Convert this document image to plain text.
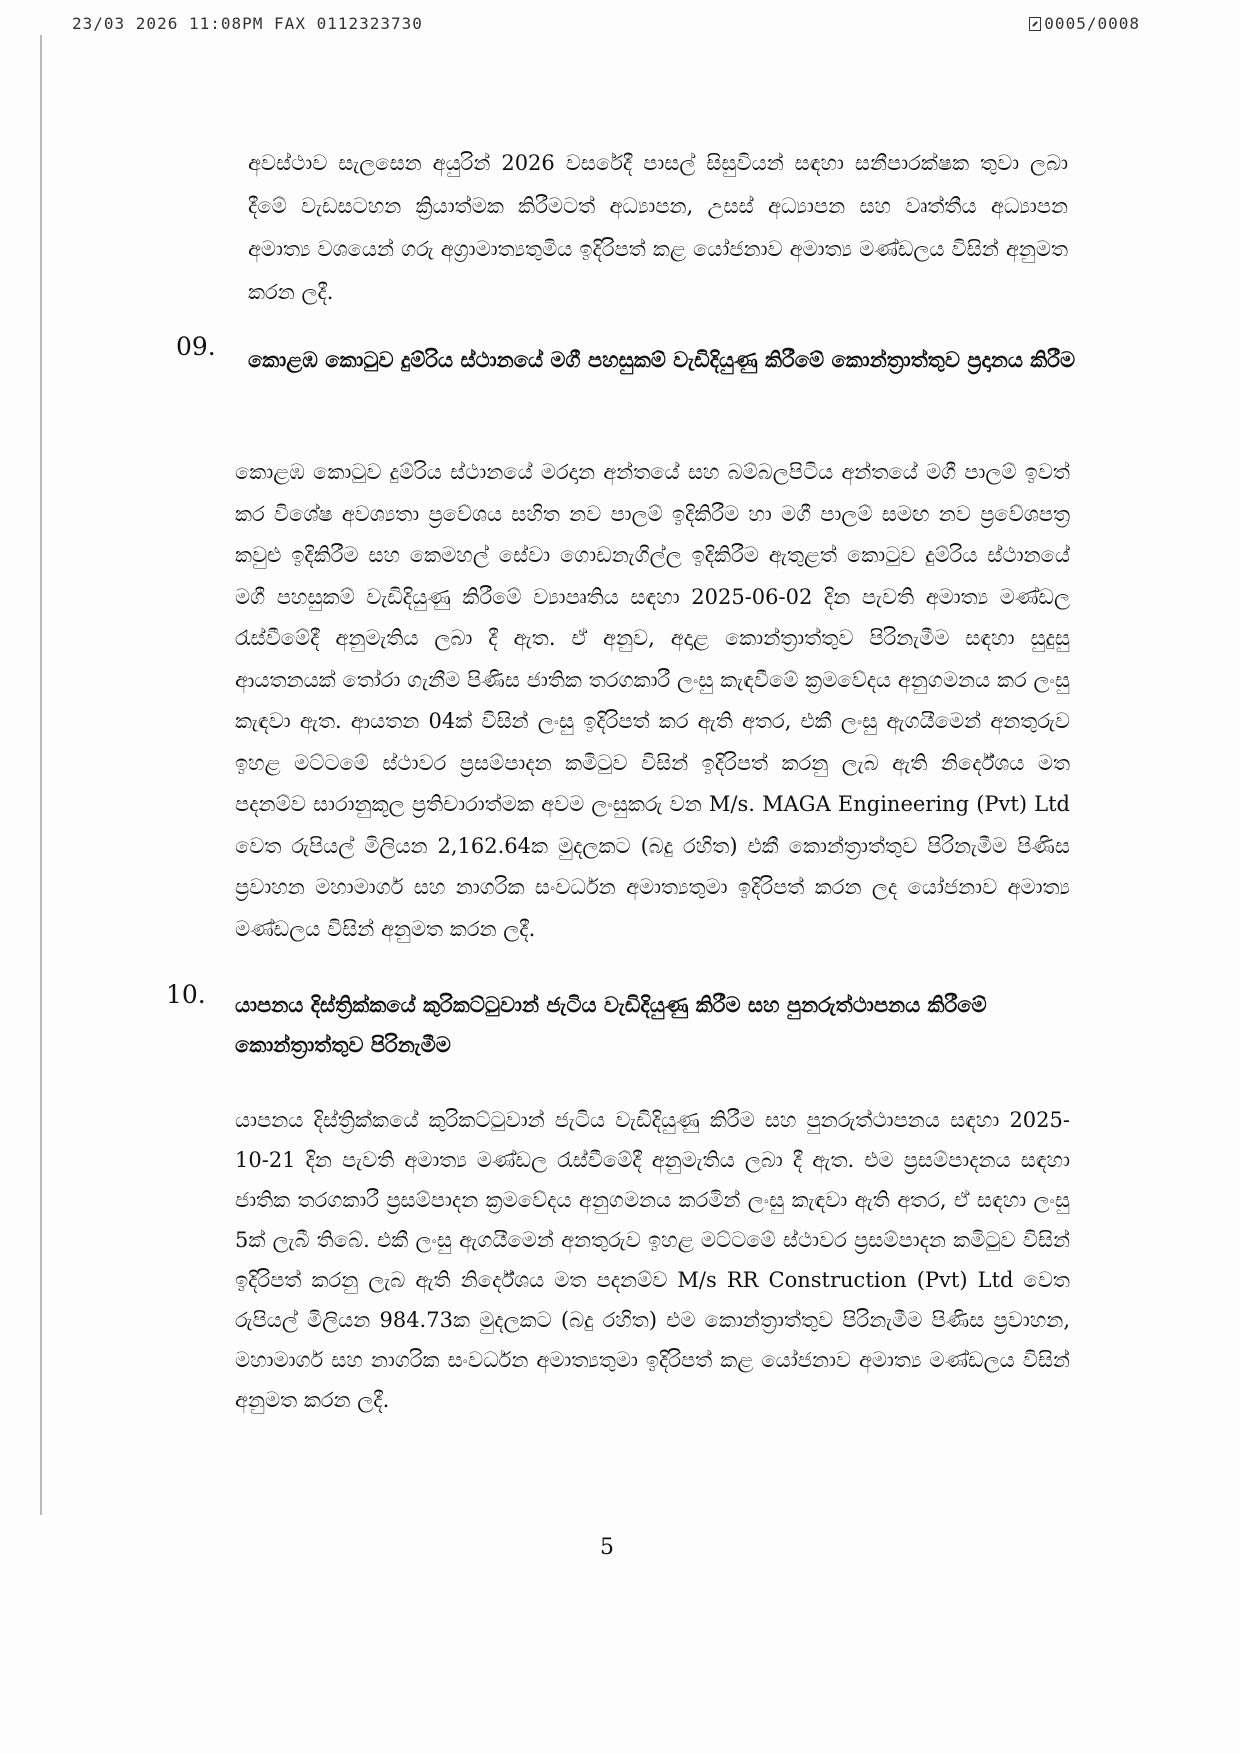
23/03 2026 11:08PM FAX 0112323730	0005/0008
අවස්ථාව සැලසෙන අයුරින් 2026 වසරේදී පාසල් සිසුවියන් සඳහා සනීපාරක්ෂක තුවා ලබා දීමේ වැඩසටහන ක්‍රියාත්මක කිරීමටත් අධ්‍යාපන, උසස් අධ්‍යාපන සහ වෘත්තීය අධ්‍යාපන අමාත්‍ය වශයෙන් ගරු අග්‍රාමාත්‍යතුමිය ඉදිරිපත් කළ යෝජනාව අමාත්‍ය මණ්ඩලය විසින් අනුමත කරන ලදී.
09. කොළඹ කොටුව දුම්රිය ස්ථානයේ මගී පහසුකම් වැඩිදියුණු කිරීමේ කොන්ත්‍රාත්තුව ප්‍රදානය කිරීම
කොළඹ කොටුව දුම්රිය ස්ථානයේ මරදාන අන්තයේ සහ බම්බලපිටිය අන්තයේ මගී පාලම් ඉවත් කර විශේෂ අවශ්‍යතා ප්‍රවේශය සහිත නව පාලම් ඉදිකිරීම හා මගී පාලම් සමඟ නව ප්‍රවේශපත්‍ර කවුළු ඉදිකිරීම සහ කෙමහල් සේවා ගොඩනැගිල්ල ඉදිකිරීම ඇතුළත් කොටුව දුම්රිය ස්ථානයේ මගී පහසුකම් වැඩිදියුණු කිරීමේ ව්‍යාපෘතිය සඳහා 2025-06-02 දින පැවති අමාත්‍ය මණ්ඩල රැස්වීමේදී අනුමැතිය ලබා දී ඇත. ඒ අනුව, අදාළ කොන්ත්‍රාත්තුව පිරිනැමීම සඳහා සුදුසු ආයතනයක් තෝරා ගැනීම පිණිස ජාතික තරගකාරී ලංසු කැඳවීමේ ක්‍රමවේදය අනුගමනය කර ලංසු කැඳවා ඇත. ආයතන 04ක් විසින් ලංසු ඉදිරිපත් කර ඇති අතර, එකී ලංසු ඇගයීමෙන් අනතුරුව ඉහළ මට්ටමේ ස්ථාවර ප්‍රසම්පාදන කමිටුව විසින් ඉදිරිපත් කරනු ලැබ ඇති නිර්දේශය මත පදනම්ව සාරානුකූල ප්‍රතිචාරාත්මක අවම ලංසුකරු වන M/s. MAGA Engineering (Pvt) Ltd වෙත රුපියල් මිලියන 2,162.64ක මුදලකට (බදු රහිත) එකී කොන්ත්‍රාත්තුව පිරිනැමීම පිණිස ප්‍රවාහන මහාමාර්ග සහ නාගරික සංවර්ධන අමාත්‍යතුමා ඉදිරිපත් කරන ලද යෝජනාව අමාත්‍ය මණ්ඩලය විසින් අනුමත කරන ලදී.
10. යාපනය දිස්ත්‍රික්කයේ කුරිකට්ටුවාන් ජැටිය වැඩිදියුණු කිරීම සහ පුනරුත්ථාපනය කිරීමේ කොන්ත්‍රාත්තුව පිරිනැමීම
යාපනය දිස්ත්‍රික්කයේ කුරිකට්ටුවාන් ජැටිය වැඩිදියුණු කිරීම සහ පුනරුත්ථාපනය සඳහා 2025-10-21 දින පැවති අමාත්‍ය මණ්ඩල රැස්වීමේදී අනුමැතිය ලබා දී ඇත. එම ප්‍රසම්පාදනය සඳහා ජාතික තරගකාරී ප්‍රසම්පාදන ක්‍රමවේදය අනුගමනය කරමින් ලංසු කැඳවා ඇති අතර, ඒ සඳහා ලංසු 5ක් ලැබී තිබේ. එකී ලංසු ඇගයීමෙන් අනතුරුව ඉහළ මට්ටමේ ස්ථාවර ප්‍රසම්පාදන කමිටුව විසින් ඉදිරිපත් කරනු ලැබ ඇති නිර්දේශය මත පදනම්ව M/s RR Construction (Pvt) Ltd වෙත රුපියල් මිලියන 984.73ක මුදලකට (බදු රහිත) එම කොන්ත්‍රාත්තුව පිරිනැමීම පිණිස ප්‍රවාහන, මහාමාර්ග සහ නාගරික සංවර්ධන අමාත්‍යතුමා ඉදිරිපත් කළ යෝජනාව අමාත්‍ය මණ්ඩලය විසින් අනුමත කරන ලදී.
5
